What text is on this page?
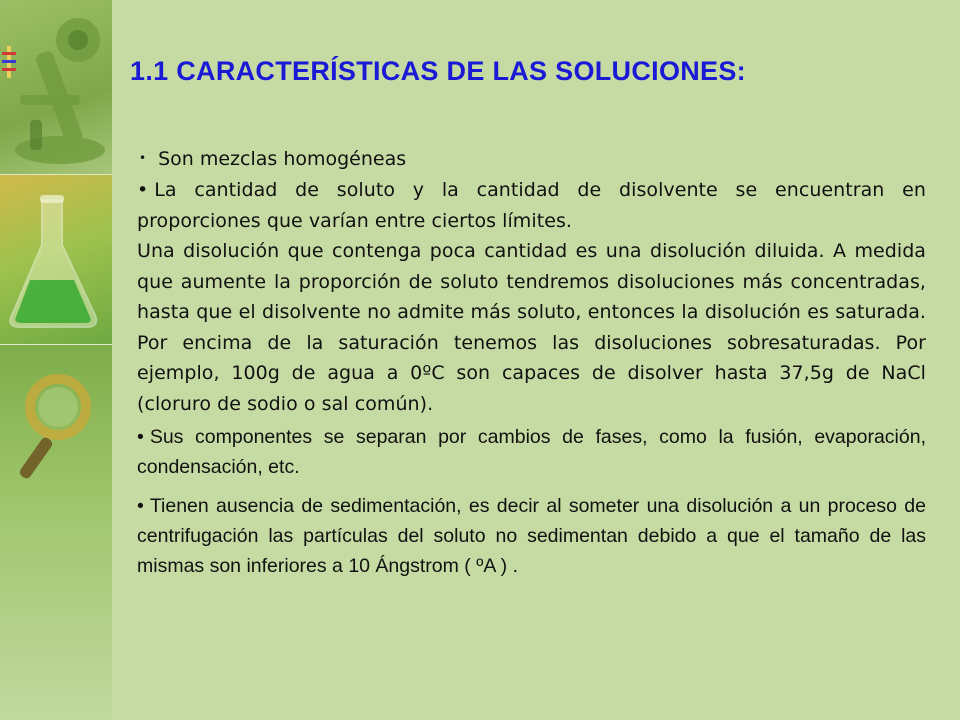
1.1 CARACTERÍSTICAS DE LAS SOLUCIONES:

• Son mezclas homogéneas

• La cantidad de soluto y la cantidad de disolvente se encuentran en proporciones que varían entre ciertos límites.

Una disolución que contenga poca cantidad es una disolución diluida. A medida que aumente la proporción de soluto tendremos disoluciones más concentradas, hasta que el disolvente no admite más soluto, entonces la disolución es saturada. Por encima de la saturación tenemos las disoluciones sobresaturadas. Por ejemplo, 100g de agua a 0ºC son capaces de disolver hasta 37,5g de NaCl (cloruro de sodio o sal común).

• Sus componentes se separan por cambios de fases, como la fusión, evaporación, condensación, etc.

• Tienen ausencia de sedimentación, es decir al someter una disolución a un proceso de centrifugación las partículas del soluto no sedimentan debido a que el tamaño de las mismas son inferiores a 10 Ángstrom ( ºA ) .
